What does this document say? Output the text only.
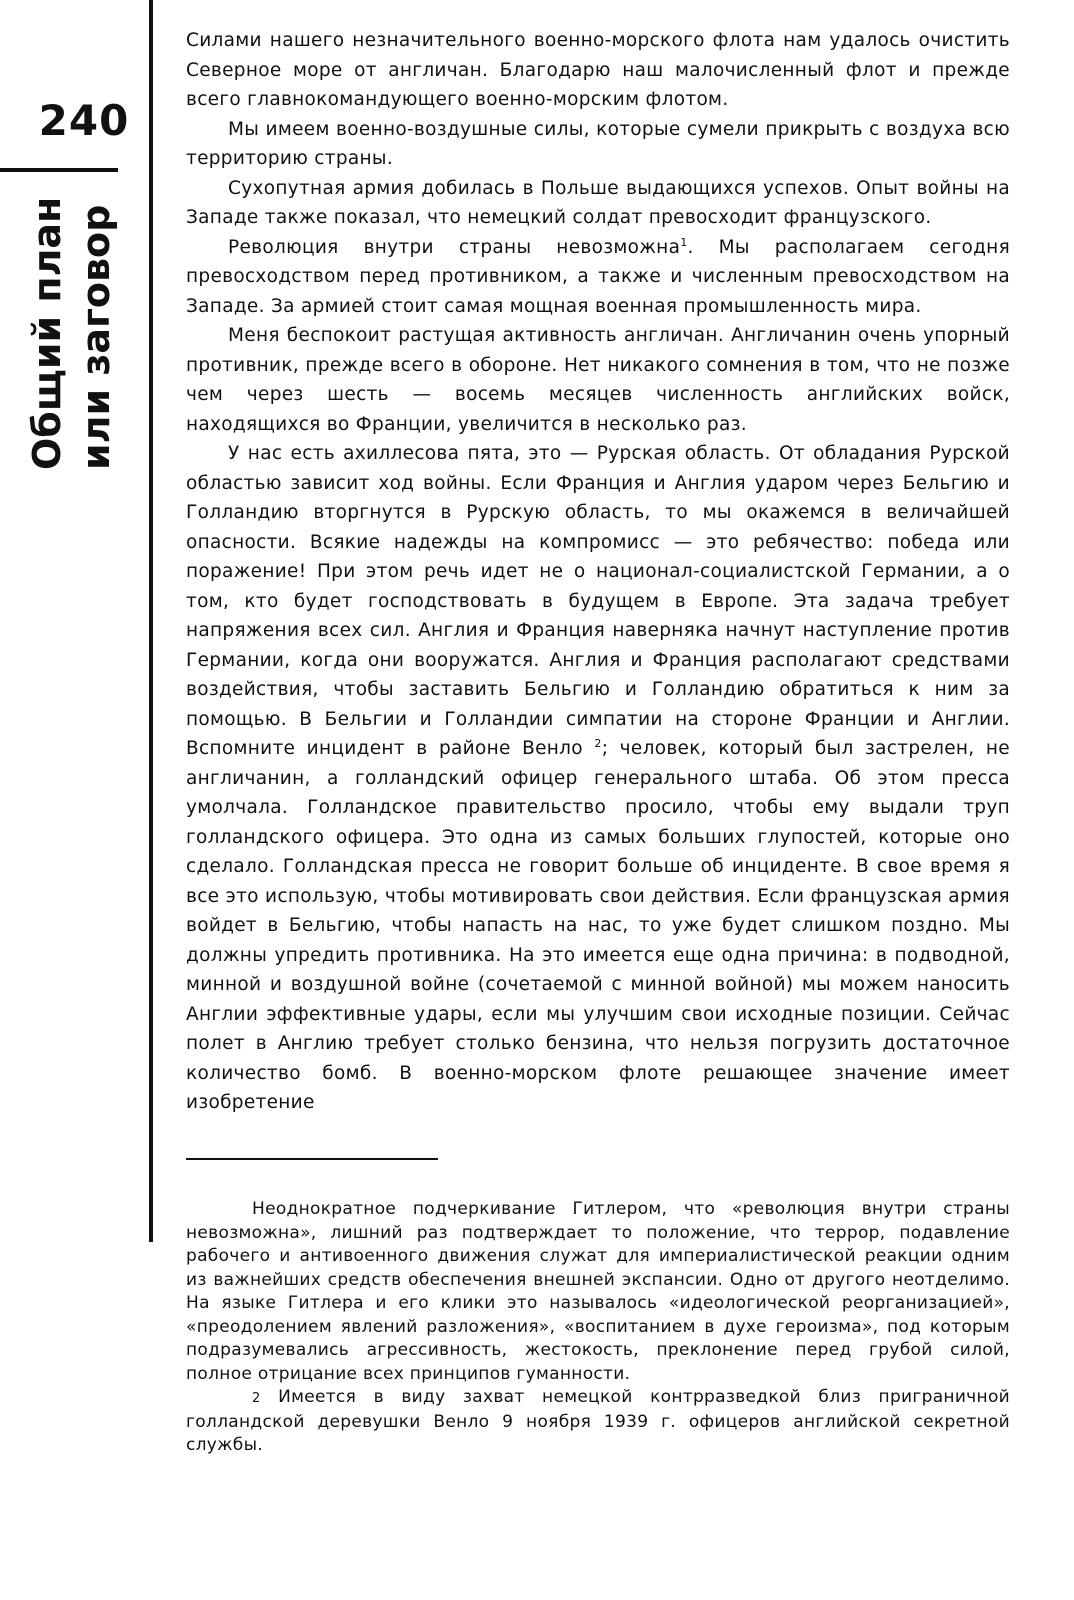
240
Общий план или заговор

Силами нашего незначительного военно-морского флота нам удалось очистить Северное море от англичан. Благодарю наш малочисленный флот и прежде всего главнокомандующего военно-морским флотом.

Мы имеем военно-воздушные силы, которые сумели прикрыть с воздуха всю территорию страны.

Сухопутная армия добилась в Польше выдающихся успехов. Опыт войны на Западе также показал, что немецкий солдат превосходит французского.

Революция внутри страны невозможна$^1$. Мы располагаем сегодня превосходством перед противником, а также и численным превосходством на Западе. За армией стоит самая мощная военная промышленность мира.

Меня беспокоит растущая активность англичан. Англичанин очень упорный противник, прежде всего в обороне. Нет никакого сомнения в том, что не позже чем через шесть — восемь месяцев численность английских войск, находящихся во Франции, увеличится в несколько раз.

У нас есть ахиллесова пята, это — Рурская область. От обладания Рурской областью зависит ход войны. Если Франция и Англия ударом через Бельгию и Голландию вторгнутся в Рурскую область, то мы окажемся в величайшей опасности. Всякие надежды на компромисс — это ребячество: победа или поражение! При этом речь идет не о национал-социалистской Германии, а о том, кто будет господствовать в будущем в Европе. Эта задача требует напряжения всех сил. Англия и Франция наверняка начнут наступление против Германии, когда они вооружатся. Англия и Франция располагают средствами воздействия, чтобы заставить Бельгию и Голландию обратиться к ним за помощью. В Бельгии и Голландии симпатии на стороне Франции и Англии. Вспомните инцидент в районе Венло $^2$; человек, который был застрелен, не англичанин, а голландский офицер генерального штаба. Об этом пресса умолчала. Голландское правительство просило, чтобы ему выдали труп голландского офицера. Это одна из самых больших глупостей, которые оно сделало. Голландская пресса не говорит больше об инциденте. В свое время я все это использую, чтобы мотивировать свои действия. Если французская армия войдет в Бельгию, чтобы напасть на нас, то уже будет слишком поздно. Мы должны упредить противника. На это имеется еще одна причина: в подводной, минной и воздушной войне (сочетаемой с минной войной) мы можем наносить Англии эффективные удары, если мы улучшим свои исходные позиции. Сейчас полет в Англию требует столько бензина, что нельзя погрузить достаточное количество бомб. В военно-морском флоте решающее значение имеет изобретение

Неоднократное подчеркивание Гитлером, что «революция внутри страны невозможна», лишний раз подтверждает то положение, что террор, подавление рабочего и антивоенного движения служат для империалистической реакции одним из важнейших средств обеспечения внешней экспансии. Одно от другого неотделимо. На языке Гитлера и его клики это называлось «идеологической реорганизацией», «преодолением явлений разложения», «воспитанием в духе героизма», под которым подразумевались агрессивность, жестокость, преклонение перед грубой силой, полное отрицание всех принципов гуманности.

2 Имеется в виду захват немецкой контрразведкой близ приграничной голландской деревушки Венло 9 ноября 1939 г. офицеров английской секретной службы.
